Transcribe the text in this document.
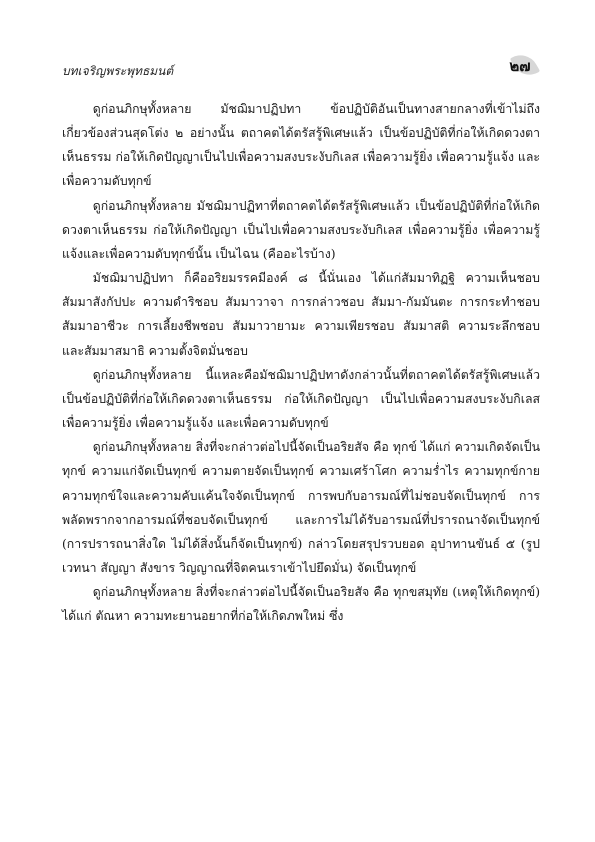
บทเจริญพระพุทธมนต์	๒๗

ดูก่อนภิกษุทั้งหลาย มัชฌิมาปฏิปทา ข้อปฏิบัติอันเป็นทางสายกลางที่เข้าไม่ถึง เกี่ยวข้องส่วนสุดโต่ง ๒ อย่างนั้น ตถาคตได้ตรัสรู้พิเศษแล้ว เป็นข้อปฏิบัติที่ก่อให้เกิดดวงตาเห็นธรรม ก่อให้เกิดปัญญาเป็นไปเพื่อความสงบระงับกิเลส เพื่อความรู้ยิ่ง เพื่อความรู้แจ้ง และเพื่อความดับทุกข์

ดูก่อนภิกษุทั้งหลาย มัชฌิมาปฏิทาที่ตถาคตได้ตรัสรู้พิเศษแล้ว เป็นข้อปฏิบัติที่ก่อให้เกิดดวงตาเห็นธรรม ก่อให้เกิดปัญญา เป็นไปเพื่อความสงบระงับกิเลส เพื่อความรู้ยิ่ง เพื่อความรู้แจ้งและเพื่อความดับทุกข์นั้น เป็นไฉน (คืออะไรบ้าง)

มัชฌิมาปฏิปทา ก็คืออริยมรรคมีองค์ ๘ นี้นั่นเอง ได้แก่สัมมาทิฏฐิ ความเห็นชอบ สัมมาสังกัปปะ ความดำริชอบ สัมมาวาจา การกล่าวชอบ สัมมา-กัมมันตะ การกระทำชอบ สัมมาอาชีวะ การเลี้ยงชีพชอบ สัมมาวายามะ ความเพียรชอบ สัมมาสติ ความระลึกชอบ และสัมมาสมาธิ ความตั้งจิตมั่นชอบ

ดูก่อนภิกษุทั้งหลาย นี้แหละคือมัชฌิมาปฏิปทาดังกล่าวนั้นที่ตถาคตได้ตรัสรู้พิเศษแล้ว เป็นข้อปฏิบัติที่ก่อให้เกิดดวงตาเห็นธรรม ก่อให้เกิดปัญญา เป็นไปเพื่อความสงบระงับกิเลส เพื่อความรู้ยิ่ง เพื่อความรู้แจ้ง และเพื่อความดับทุกข์

ดูก่อนภิกษุทั้งหลาย สิ่งที่จะกล่าวต่อไปนี้จัดเป็นอริยสัจ คือ ทุกข์ ได้แก่ ความเกิดจัดเป็นทุกข์ ความแก่จัดเป็นทุกข์ ความตายจัดเป็นทุกข์ ความเศร้าโศก ความร่ำไร ความทุกข์กาย ความทุกข์ใจและความคับแค้นใจจัดเป็นทุกข์ การพบกับอารมณ์ที่ไม่ชอบจัดเป็นทุกข์ การพลัดพรากจากอารมณ์ที่ชอบจัดเป็นทุกข์ และการไม่ได้รับอารมณ์ที่ปรารถนาจัดเป็นทุกข์ (การปรารถนาสิ่งใด ไม่ได้สิ่งนั้นก็จัดเป็นทุกข์) กล่าวโดยสรุปรวบยอด อุปาทานขันธ์ ๕ (รูป เวทนา สัญญา สังขาร วิญญาณที่จิตคนเราเข้าไปยึดมั่น) จัดเป็นทุกข์

ดูก่อนภิกษุทั้งหลาย สิ่งที่จะกล่าวต่อไปนี้จัดเป็นอริยสัจ คือ ทุกขสมุทัย (เหตุให้เกิดทุกข์) ได้แก่ ตัณหา ความทะยานอยากที่ก่อให้เกิดภพใหม่ ซึ่ง
